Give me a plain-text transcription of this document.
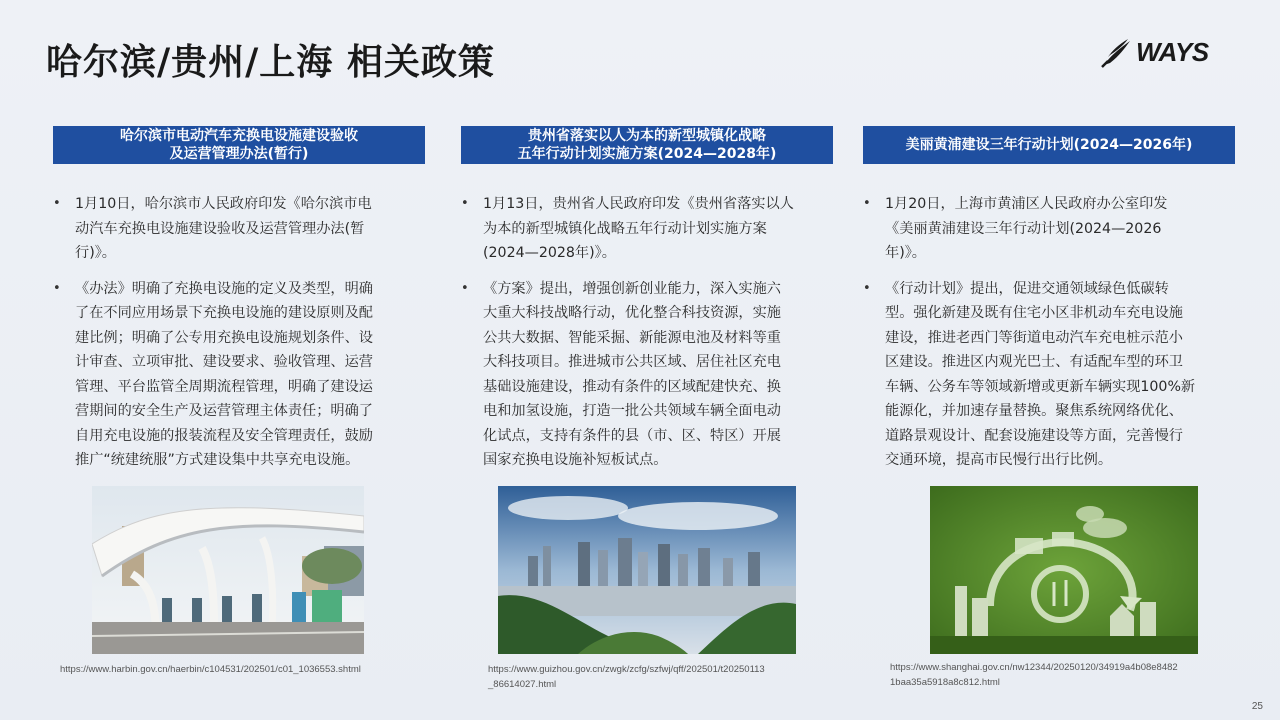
哈尔滨/贵州/上海 相关政策	WAYS
哈尔滨市电动汽车充换电设施建设验收
及运营管理办法(暂行)
• 1月10日，哈尔滨市人民政府印发《哈尔滨市电
动汽车充换电设施建设验收及运营管理办法(暂
行)》。
• 《办法》明确了充换电设施的定义及类型，明确
了在不同应用场景下充换电设施的建设原则及配
建比例；明确了公专用充换电设施规划条件、设
计审查、立项审批、建设要求、验收管理、运营
管理、平台监管全周期流程管理，明确了建设运
营期间的安全生产及运营管理主体责任；明确了
自用充电设施的报装流程及安全管理责任，鼓励
推广“统建统服”方式建设集中共享充电设施。
贵州省落实以人为本的新型城镇化战略
五年行动计划实施方案(2024—2028年)
• 1月13日，贵州省人民政府印发《贵州省落实以人
为本的新型城镇化战略五年行动计划实施方案
(2024—2028年)》。
• 《方案》提出，增强创新创业能力，深入实施六
大重大科技战略行动，优化整合科技资源，实施
公共大数据、智能采掘、新能源电池及材料等重
大科技项目。推进城市公共区域、居住社区充电
基础设施建设，推动有条件的区域配建快充、换
电和加氢设施，打造一批公共领域车辆全面电动
化试点，支持有条件的县（市、区、特区）开展
国家充换电设施补短板试点。
美丽黄浦建设三年行动计划(2024—2026年)
• 1月20日，上海市黄浦区人民政府办公室印发
《美丽黄浦建设三年行动计划(2024—2026
年)》。
• 《行动计划》提出，促进交通领域绿色低碳转
型。强化新建及既有住宅小区非机动车充电设施
建设，推进老西门等街道电动汽车充电桩示范小
区建设。推进区内观光巴士、有适配车型的环卫
车辆、公务车等领域新增或更新车辆实现100%新
能源化，并加速存量替换。聚焦系统网络优化、
道路景观设计、配套设施建设等方面，完善慢行
交通环境，提高市民慢行出行比例。
https://www.harbin.gov.cn/haerbin/c104531/202501/c01_1036553.shtml	https://www.guizhou.gov.cn/zwgk/zcfg/szfwj/qff/202501/t20250113
_86614027.html
https://www.shanghai.gov.cn/nw12344/20250120/34919a4b08e8482
1baa35a5918a8c812.html
25
